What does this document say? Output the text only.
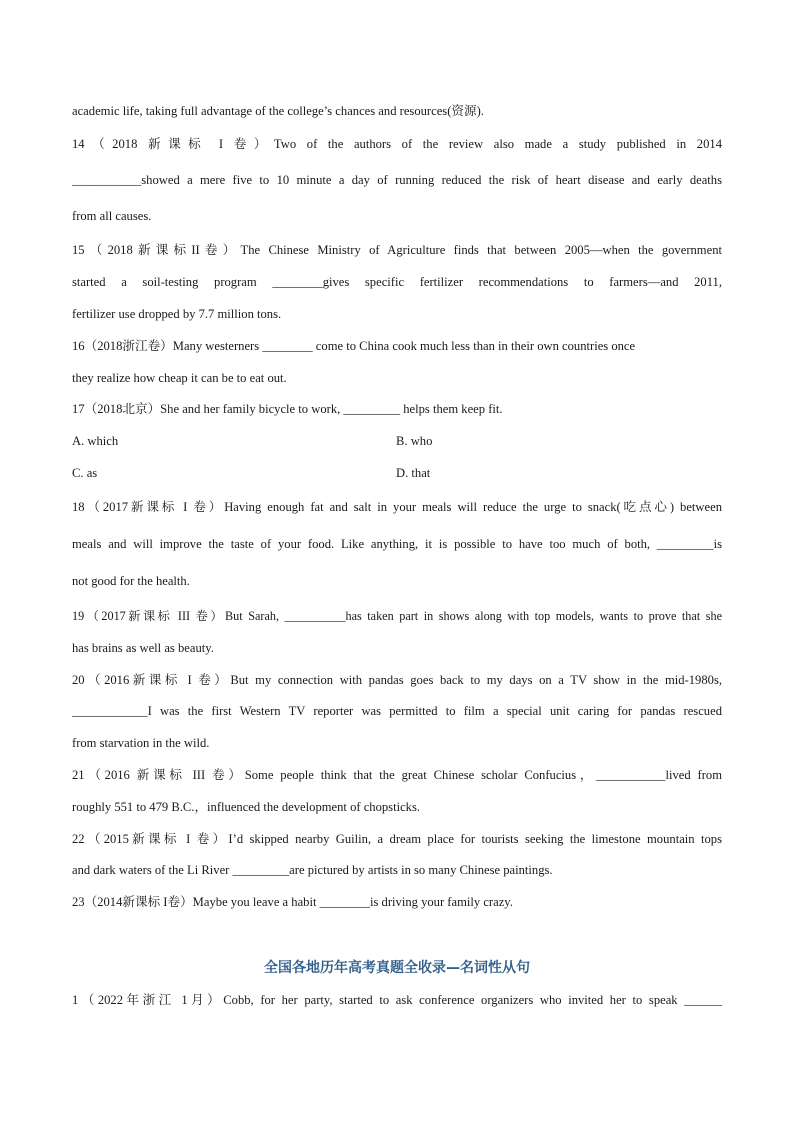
academic life, taking full advantage of the college’s chances and resources(资源).
14（2018 新课标 I 卷）Two of the authors of the review also made a study published in 2014
___________showed a mere five to 10 minute a day of running reduced the risk of heart disease and early deaths
from all causes.
15（2018新课标II卷）The Chinese Ministry of Agriculture finds that between 2005—when the government
started a soil-testing program ________gives specific fertilizer recommendations to farmers—and 2011,
fertilizer use dropped by 7.7 million tons.
16（2018浙江卷）Many westerners ________ come to China cook much less than in their own countries once
they realize how cheap it can be to eat out.
17（2018北京）She and her family bicycle to work, _________ helps them keep fit.
A. which	B. who
C. as	D. that
18（2017新课标 I 卷）Having enough fat and salt in your meals will reduce the urge to snack(吃点心) between
meals and will improve the taste of your food. Like anything, it is possible to have too much of both, _________is
not good for the health.
19（2017新课标 III 卷）But Sarah, __________has taken part in shows along with top models, wants to prove that she
has brains as well as beauty.
20（2016新课标 I 卷）But my connection with pandas goes back to my days on a TV show in the mid-1980s,
____________I was the first Western TV reporter was permitted to film a special unit caring for pandas rescued
from starvation in the wild.
21（2016 新课标 III 卷）Some people think that the great Chinese scholar Confucius，___________lived from
roughly 551 to 479 B.C.，influenced the development of chopsticks.
22（2015新课标 I 卷）I’d skipped nearby Guilin, a dream place for tourists seeking the limestone mountain tops
and dark waters of the Li River _________are pictured by artists in so many Chinese paintings.
23（2014新课标 I卷）Maybe you leave a habit ________is driving your family crazy.
全国各地历年高考真题全收录—名词性从句
1（2022年浙江 1月）Cobb, for her party, started to ask conference organizers who invited her to speak ______
